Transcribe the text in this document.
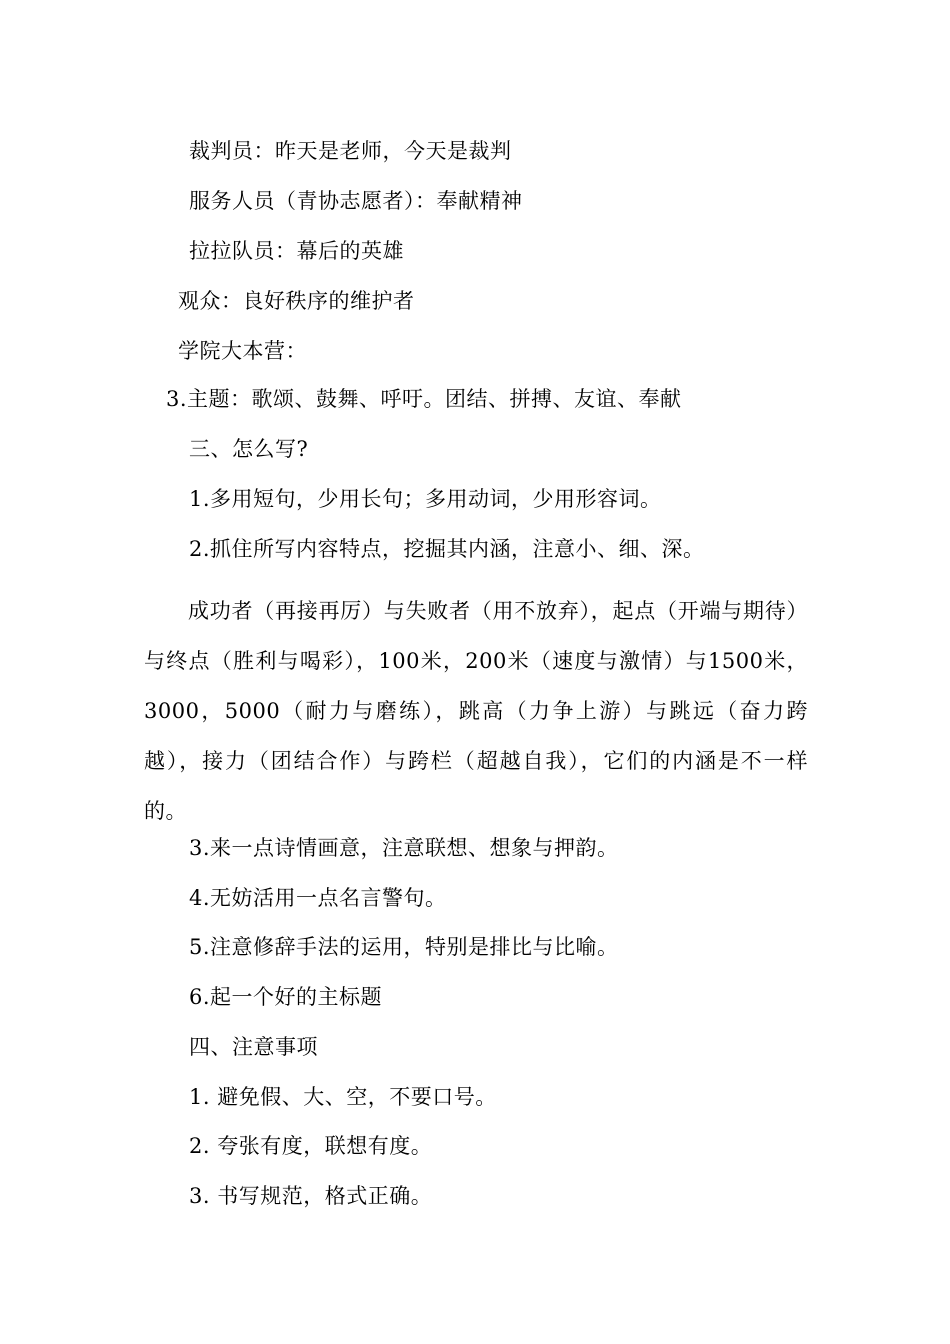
裁判员：昨天是老师，今天是裁判
服务人员（青协志愿者）：奉献精神
拉拉队员：幕后的英雄
观众：良好秩序的维护者
学院大本营：
3.主题：歌颂、鼓舞、呼吁。团结、拼搏、友谊、奉献
三、怎么写?
1.多用短句，少用长句；多用动词，少用形容词。
2.抓住所写内容特点，挖掘其内涵，注意小、细、深。
成功者（再接再厉）与失败者（用不放弃），起点（开端与期待）与终点（胜利与喝彩），100米，200米（速度与激情）与1500米，3000，5000（耐力与磨练），跳高（力争上游）与跳远（奋力跨越），接力（团结合作）与跨栏（超越自我），它们的内涵是不一样的。
3.来一点诗情画意，注意联想、想象与押韵。
4.无妨活用一点名言警句。
5.注意修辞手法的运用，特别是排比与比喻。
6.起一个好的主标题
四、注意事项
1. 避免假、大、空，不要口号。
2. 夸张有度，联想有度。
3. 书写规范，格式正确。
